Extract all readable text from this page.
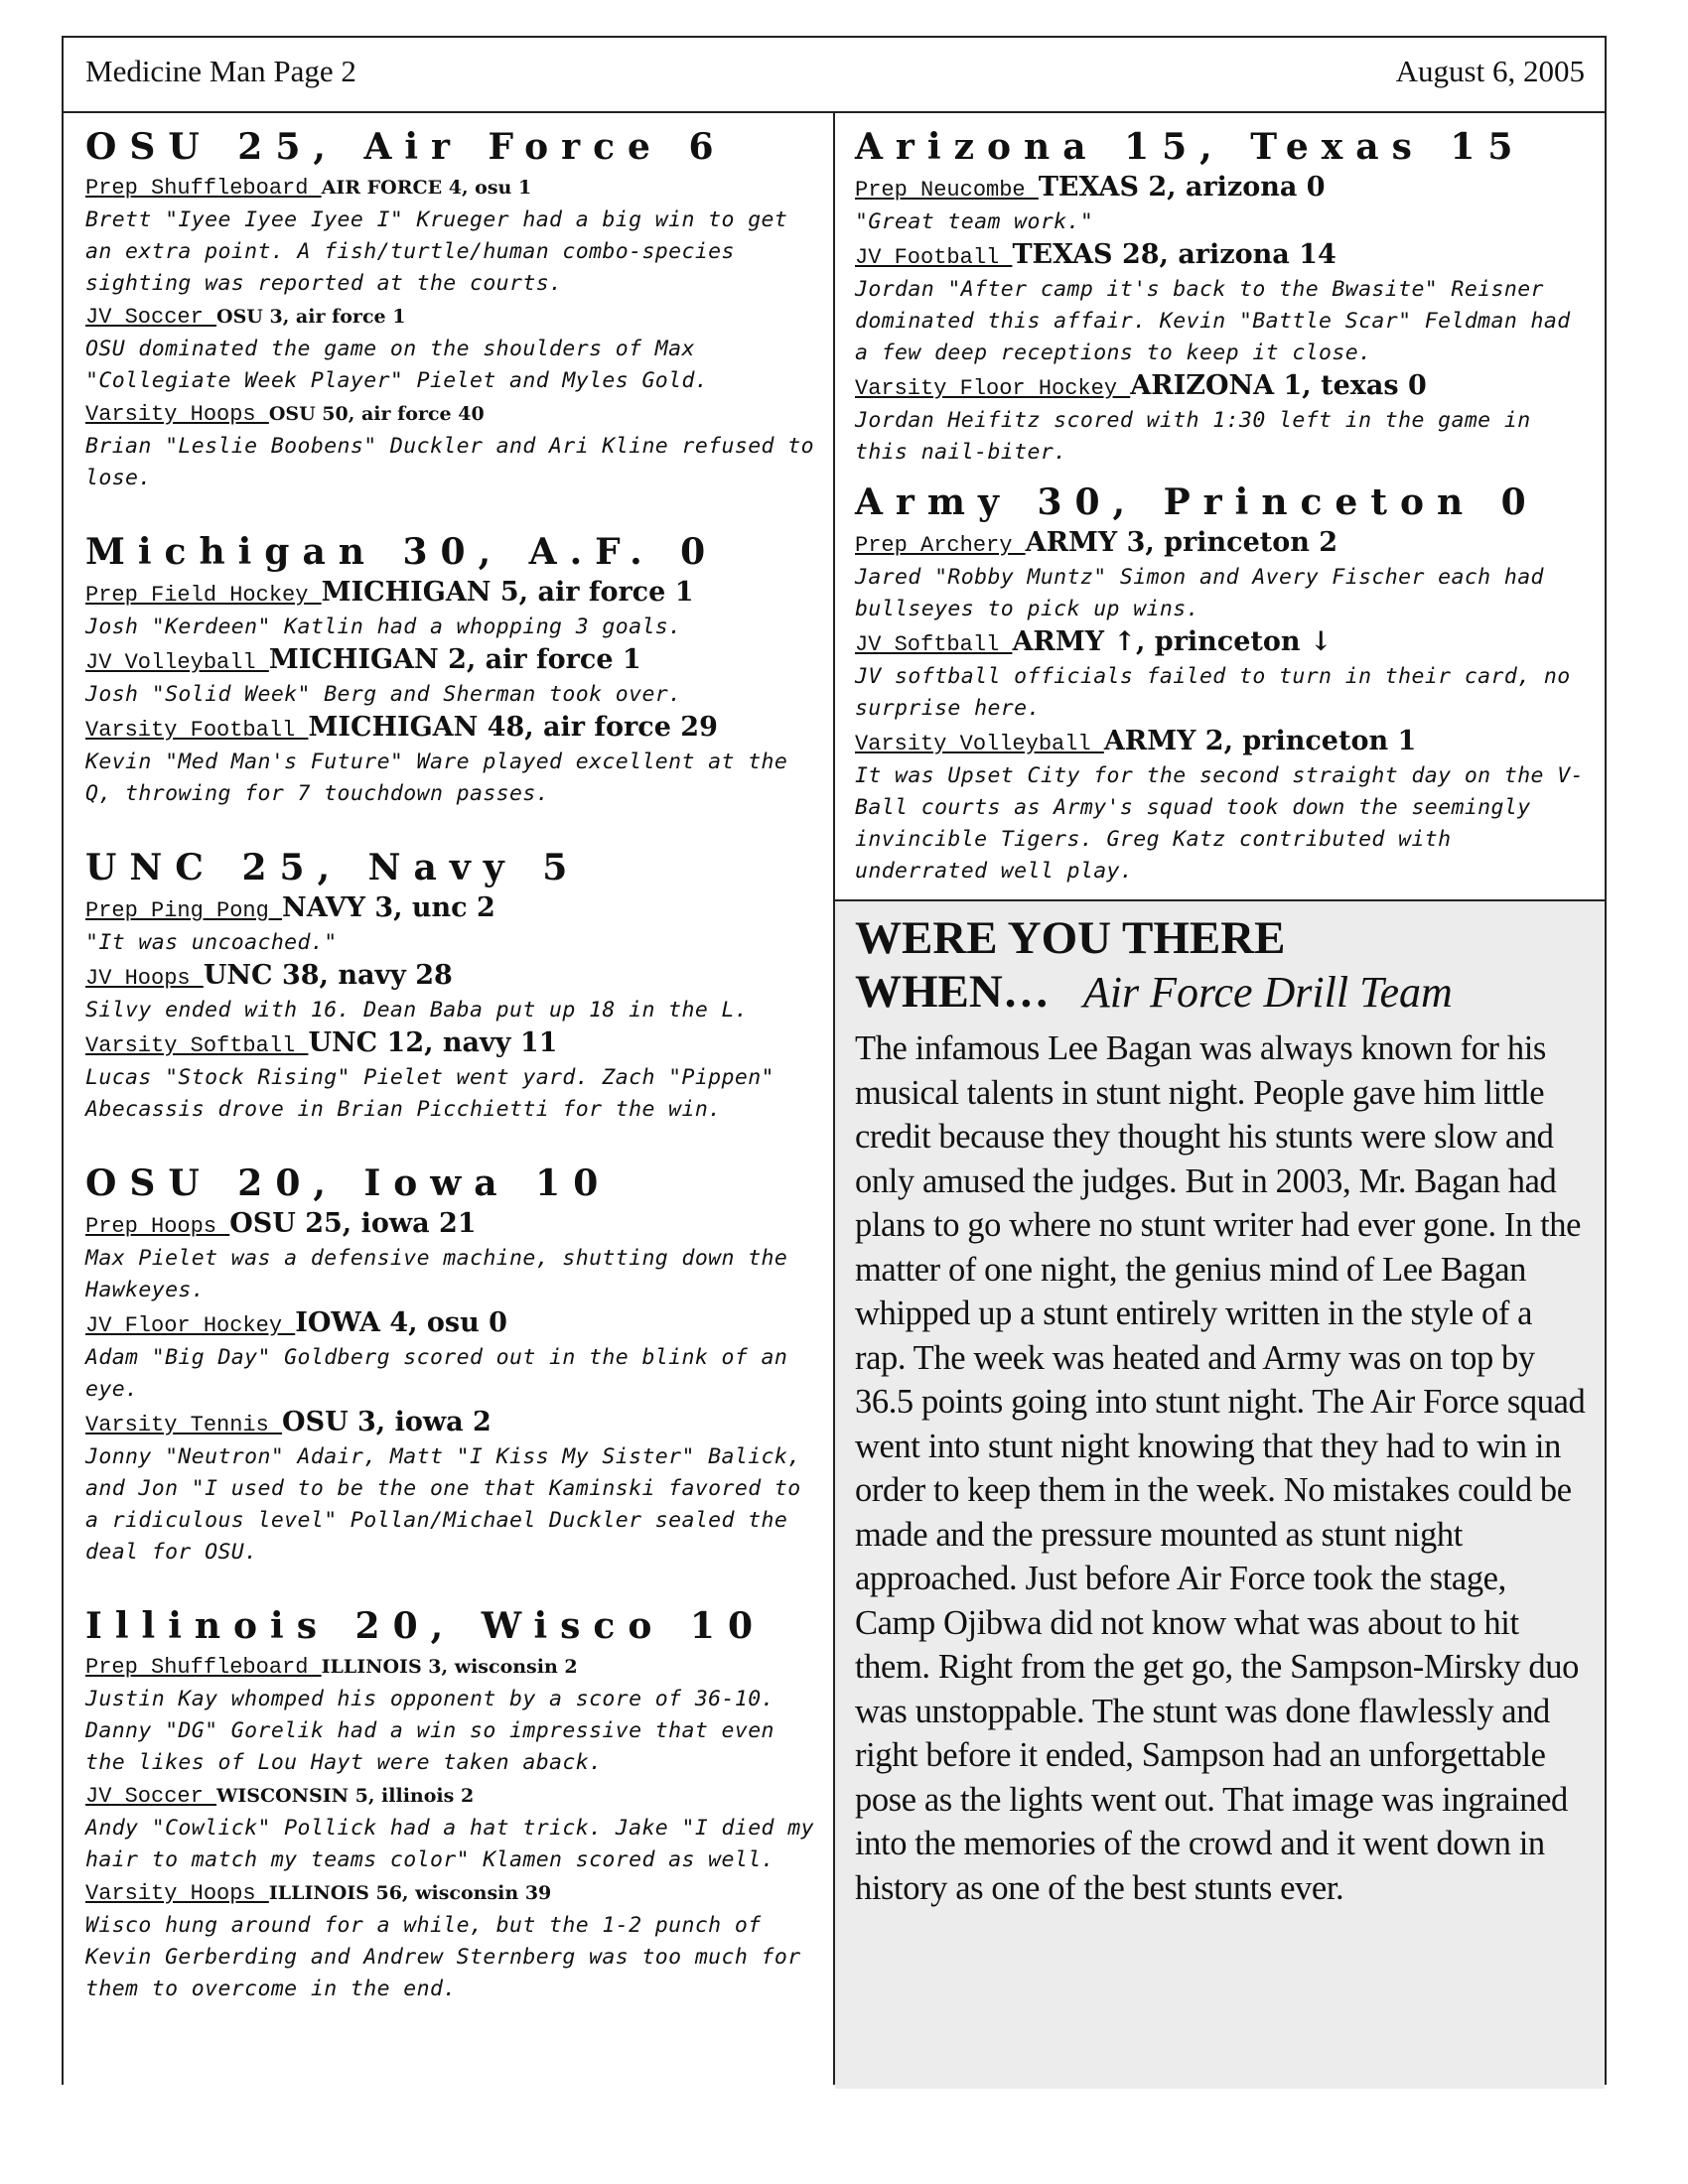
Medicine Man Page 2	August 6, 2005
OSU 25, Air Force 6
Prep Shuffleboard AIR FORCE 4, osu 1
Brett "Iyee Iyee Iyee I" Krueger had a big win to get an extra point. A fish/turtle/human combo-species sighting was reported at the courts.
JV Soccer OSU 3, air force 1
OSU dominated the game on the shoulders of Max "Collegiate Week Player" Pielet and Myles Gold.
Varsity Hoops OSU 50, air force 40
Brian "Leslie Boobens" Duckler and Ari Kline refused to lose.
Michigan 30, A.F. 0
Prep Field Hockey MICHIGAN 5, air force 1
Josh "Kerdeen" Katlin had a whopping 3 goals.
JV Volleyball MICHIGAN 2, air force 1
Josh "Solid Week" Berg and Sherman took over.
Varsity Football MICHIGAN 48, air force 29
Kevin "Med Man's Future" Ware played excellent at the Q, throwing for 7 touchdown passes.
UNC 25, Navy 5
Prep Ping Pong NAVY 3, unc 2
"It was uncoached."
JV Hoops UNC 38, navy 28
Silvy ended with 16. Dean Baba put up 18 in the L.
Varsity Softball UNC 12, navy 11
Lucas "Stock Rising" Pielet went yard. Zach "Pippen" Abecassis drove in Brian Picchietti for the win.
OSU 20, Iowa 10
Prep Hoops OSU 25, iowa 21
Max Pielet was a defensive machine, shutting down the Hawkeyes.
JV Floor Hockey IOWA 4, osu 0
Adam "Big Day" Goldberg scored out in the blink of an eye.
Varsity Tennis OSU 3, iowa 2
Jonny "Neutron" Adair, Matt "I Kiss My Sister" Balick, and Jon "I used to be the one that Kaminski favored to a ridiculous level" Pollan/Michael Duckler sealed the deal for OSU.
Illinois 20, Wisco 10
Prep Shuffleboard ILLINOIS 3, wisconsin 2
Justin Kay whomped his opponent by a score of 36-10. Danny "DG" Gorelik had a win so impressive that even the likes of Lou Hayt were taken aback.
JV Soccer WISCONSIN 5, illinois 2
Andy "Cowlick" Pollick had a hat trick. Jake "I died my hair to match my teams color" Klamen scored as well.
Varsity Hoops ILLINOIS 56, wisconsin 39
Wisco hung around for a while, but the 1-2 punch of Kevin Gerberding and Andrew Sternberg was too much for them to overcome in the end.
Arizona 15, Texas 15
Prep Neucombe TEXAS 2, arizona 0
"Great team work."
JV Football TEXAS 28, arizona 14
Jordan "After camp it's back to the Bwasite" Reisner dominated this affair. Kevin "Battle Scar" Feldman had a few deep receptions to keep it close.
Varsity Floor Hockey ARIZONA 1, texas 0
Jordan Heifitz scored with 1:30 left in the game in this nail-biter.
Army 30, Princeton 0
Prep Archery ARMY 3, princeton 2
Jared "Robby Muntz" Simon and Avery Fischer each had bullseyes to pick up wins.
JV Softball ARMY ↑, princeton ↓
JV softball officials failed to turn in their card, no surprise here.
Varsity Volleyball ARMY 2, princeton 1
It was Upset City for the second straight day on the V-Ball courts as Army's squad took down the seemingly invincible Tigers. Greg Katz contributed with underrated well play.
WERE YOU THERE
WHEN… Air Force Drill Team
The infamous Lee Bagan was always known for his musical talents in stunt night. People gave him little credit because they thought his stunts were slow and only amused the judges. But in 2003, Mr. Bagan had plans to go where no stunt writer had ever gone. In the matter of one night, the genius mind of Lee Bagan whipped up a stunt entirely written in the style of a rap. The week was heated and Army was on top by 36.5 points going into stunt night. The Air Force squad went into stunt night knowing that they had to win in order to keep them in the week. No mistakes could be made and the pressure mounted as stunt night approached. Just before Air Force took the stage, Camp Ojibwa did not know what was about to hit them. Right from the get go, the Sampson-Mirsky duo was unstoppable. The stunt was done flawlessly and right before it ended, Sampson had an unforgettable pose as the lights went out. That image was ingrained into the memories of the crowd and it went down in history as one of the best stunts ever.
